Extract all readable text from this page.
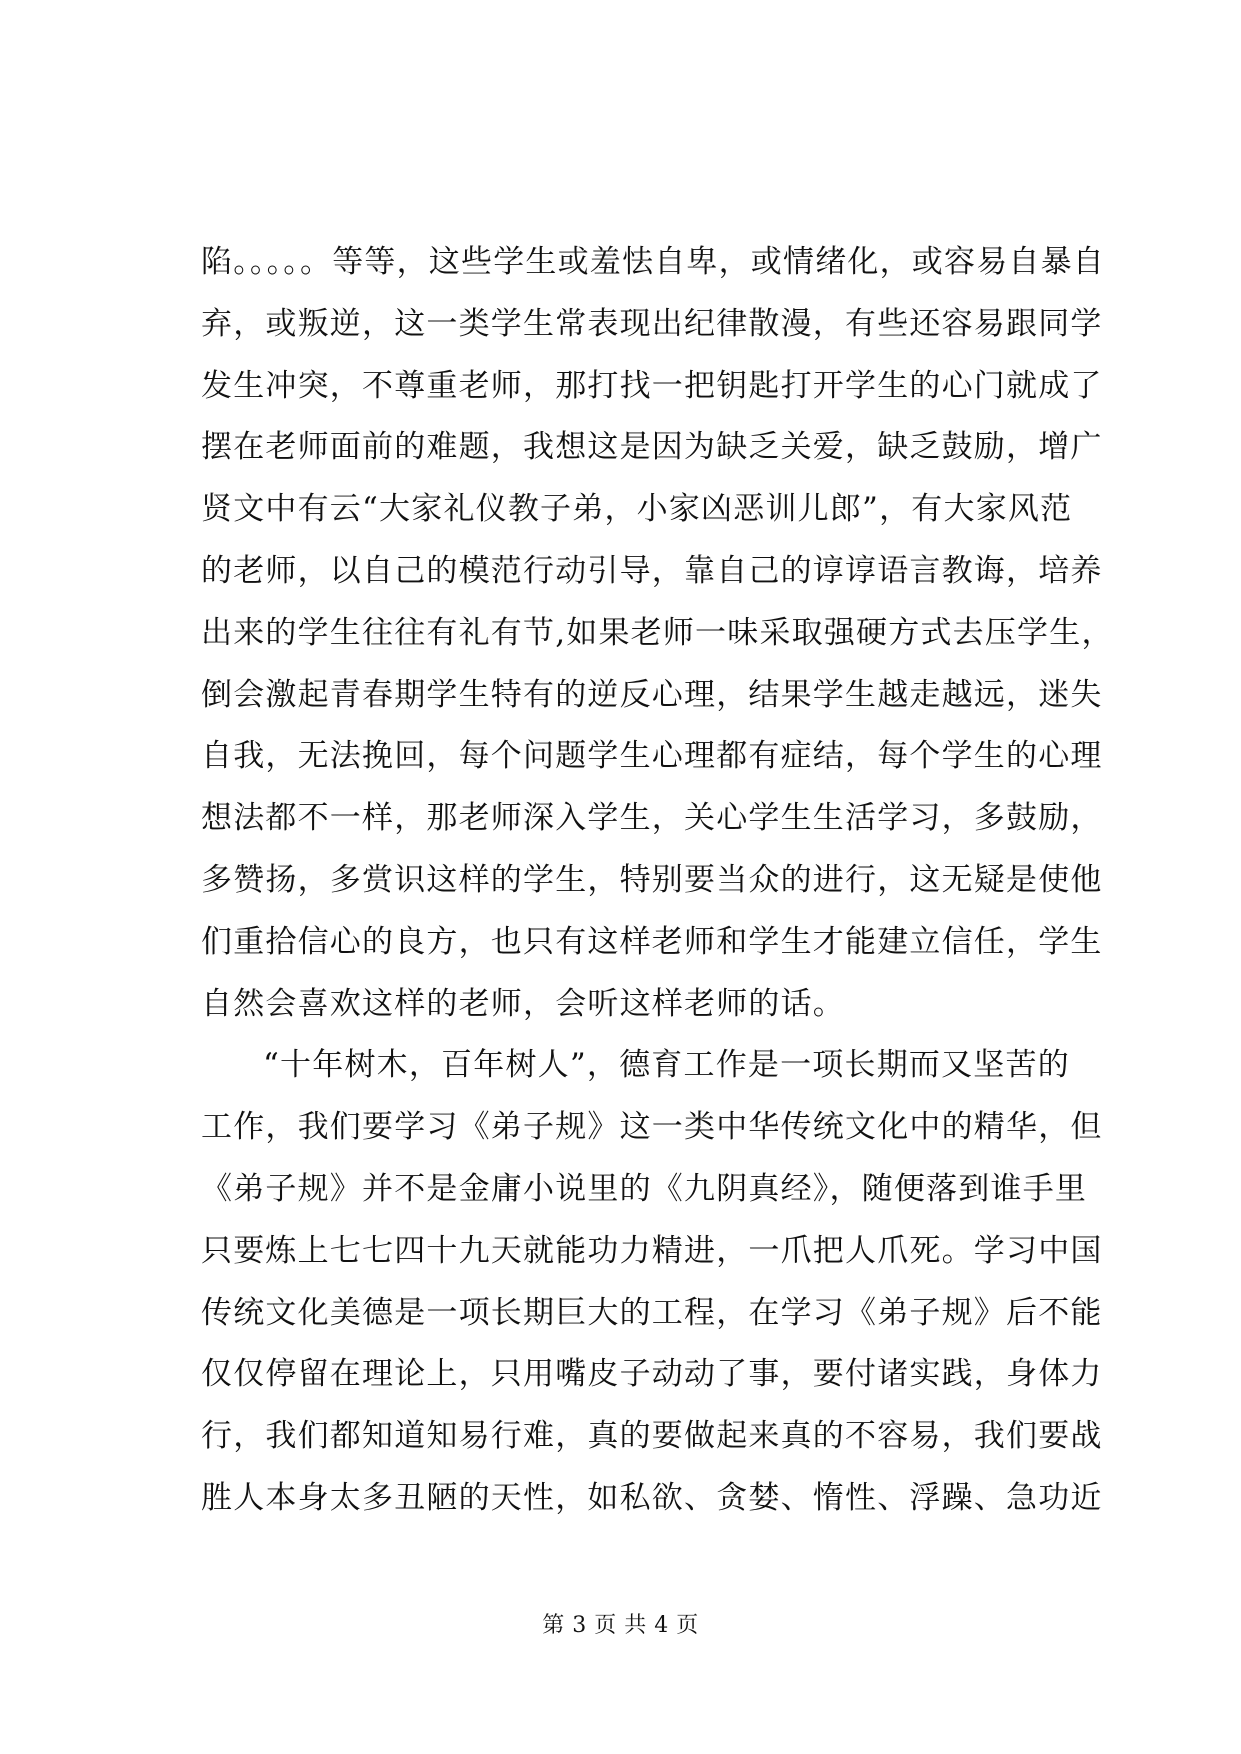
陷。。。。。等等，这些学生或羞怯自卑，或情绪化，或容易自暴自
弃，或叛逆，这一类学生常表现出纪律散漫，有些还容易跟同学
发生冲突，不尊重老师，那打找一把钥匙打开学生的心门就成了
摆在老师面前的难题，我想这是因为缺乏关爱，缺乏鼓励，增广
贤文中有云“大家礼仪教子弟，小家凶恶训儿郎”，有大家风范
的老师，以自己的模范行动引导，靠自己的谆谆语言教诲，培养
出来的学生往往有礼有节,如果老师一味采取强硬方式去压学生，
倒会激起青春期学生特有的逆反心理，结果学生越走越远，迷失
自我，无法挽回，每个问题学生心理都有症结，每个学生的心理
想法都不一样，那老师深入学生，关心学生生活学习，多鼓励，
多赞扬，多赏识这样的学生，特别要当众的进行，这无疑是使他
们重拾信心的良方，也只有这样老师和学生才能建立信任，学生
自然会喜欢这样的老师，会听这样老师的话。
“十年树木，百年树人”，德育工作是一项长期而又坚苦的
工作，我们要学习《弟子规》这一类中华传统文化中的精华，但
《弟子规》并不是金庸小说里的《九阴真经》，随便落到谁手里
只要炼上七七四十九天就能功力精进，一爪把人爪死。学习中国
传统文化美德是一项长期巨大的工程，在学习《弟子规》后不能
仅仅停留在理论上，只用嘴皮子动动了事，要付诸实践，身体力
行，我们都知道知易行难，真的要做起来真的不容易，我们要战
胜人本身太多丑陋的天性，如私欲、贪婪、惰性、浮躁、急功近
第 3 页 共 4 页
